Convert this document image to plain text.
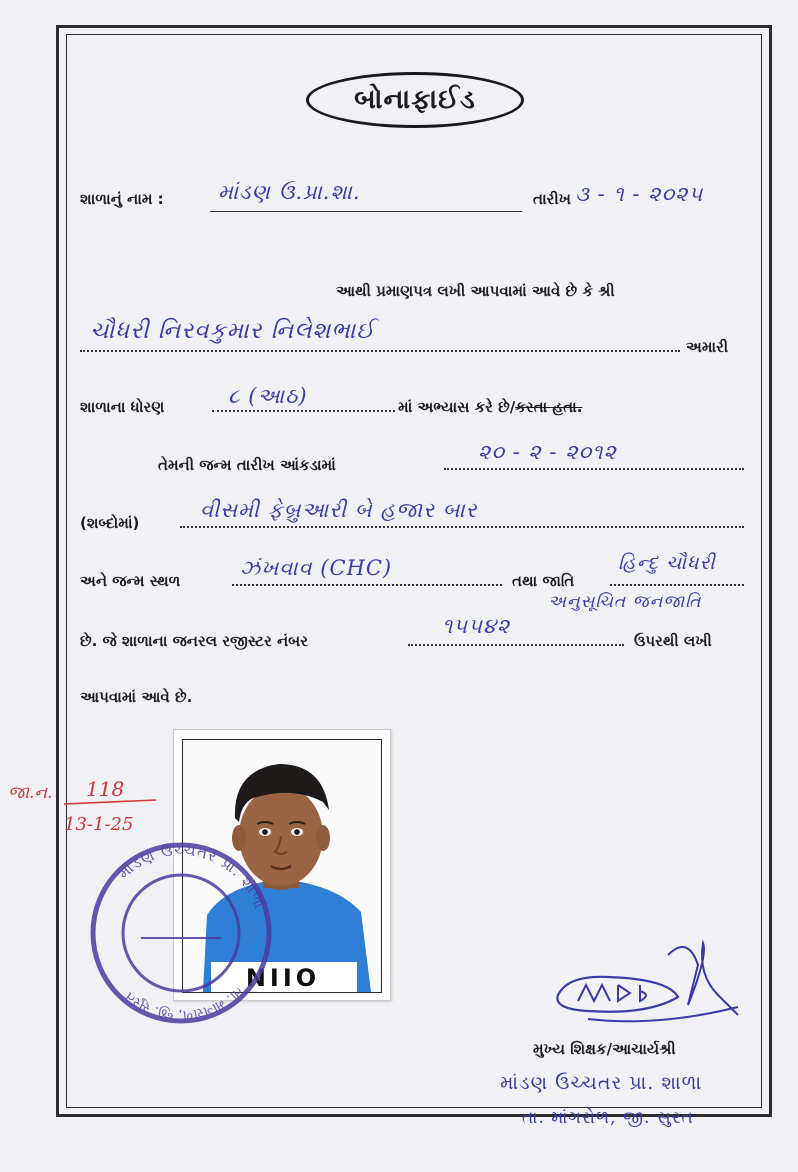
બોનાફાઈડ
શાળાનું નામ :	માંડણ ઉ.પ્રા.શા.	તારીખ ૩ - ૧ - ૨૦૨૫
આથી પ્રમાણપત્ર લખી આપવામાં આવે છે કે શ્રી
ચૌધરી નિરવકુમાર નિલેશભાઈ
અમારી
શાળાના ધોરણ	૮ (આઠ)	માં અભ્યાસ કરે છે/કરતા હતા.
તેમની જન્મ તારીખ આંકડામાં
૨૦ - ૨ - ૨૦૧૨
(શબ્દોમાં)
વીસમી ફેબ્રુઆરી બે હજાર બાર
અને જન્મ સ્થળ
ઝંખવાવ (CHC)
તથા જાતિ
હિન્દુ ચૌધરી
અનુસૂચિત જનજાતિ
છે. જે શાળાના જનરલ રજીસ્ટર નંબર
૧૫૫૪૨
ઉપરથી લખી
આપવામાં આવે છે.
જા.ન. 118
13-1-25
NIIO
માંડણ ઉચ્ચતર પ્રા. શાળા
તા. માંગરોળ, જી. સુરત
મુખ્ય શિક્ષક/આચાર્યશ્રી
માંડણ ઉચ્ચતર પ્રા. શાળા
તા. માંગરોળ, જી. સુરત
